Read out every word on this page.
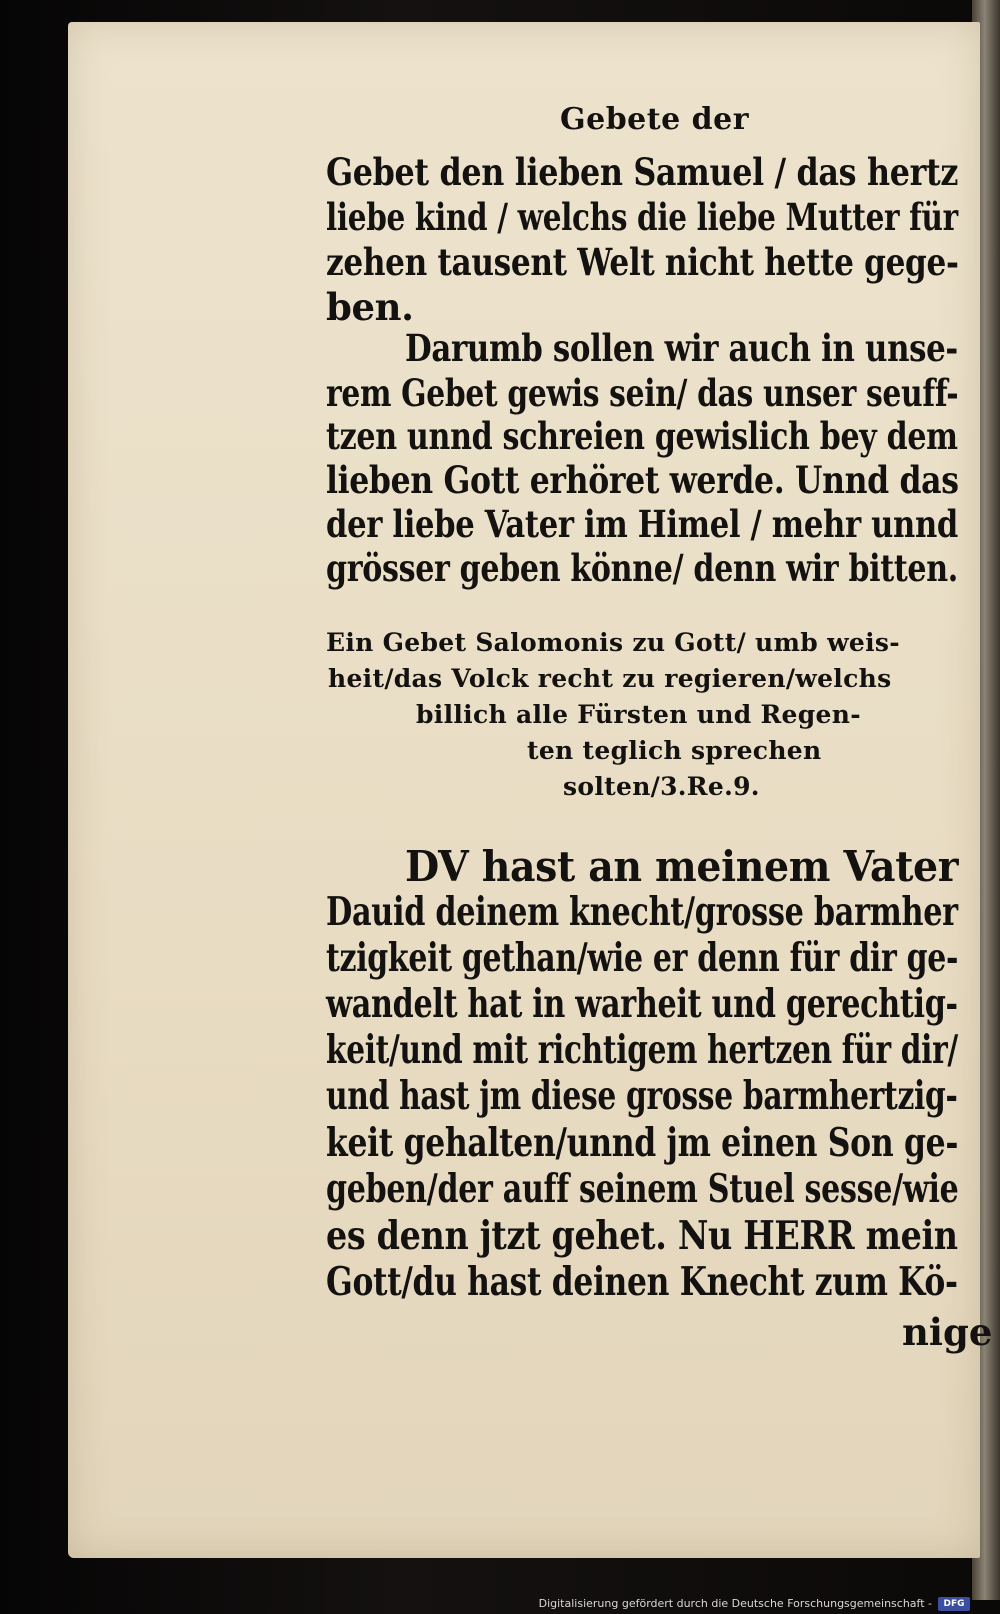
Gebete der
Gebet den lieben Samuel / das hertz
liebe kind / welchs die liebe Mutter für
zehen tausent Welt nicht hette gege-
ben.
Darumb sollen wir auch in unse-
rem Gebet gewis sein/ das unser seuff-
tzen unnd schreien gewislich bey dem
lieben Gott erhöret werde. Unnd das
der liebe Vater im Himel / mehr unnd
grösser geben könne/ denn wir bitten.
Ein Gebet Salomonis zu Gott/ umb weis-
heit/das Volck recht zu regieren/welchs
billich alle Fürsten und Regen-
ten teglich sprechen
solten/3.Re.9.
DV hast an meinem Vater
Dauid deinem knecht/grosse barmher
tzigkeit gethan/wie er denn für dir ge-
wandelt hat in warheit und gerechtig-
keit/und mit richtigem hertzen für dir/
und hast jm diese grosse barmhertzig-
keit gehalten/unnd jm einen Son ge-
geben/der auff seinem Stuel sesse/wie
es denn jtzt gehet. Nu HERR mein
Gott/du hast deinen Knecht zum Kö-
nige
Digitalisierung gefördert durch die Deutsche Forschungsgemeinschaft -	DFG
